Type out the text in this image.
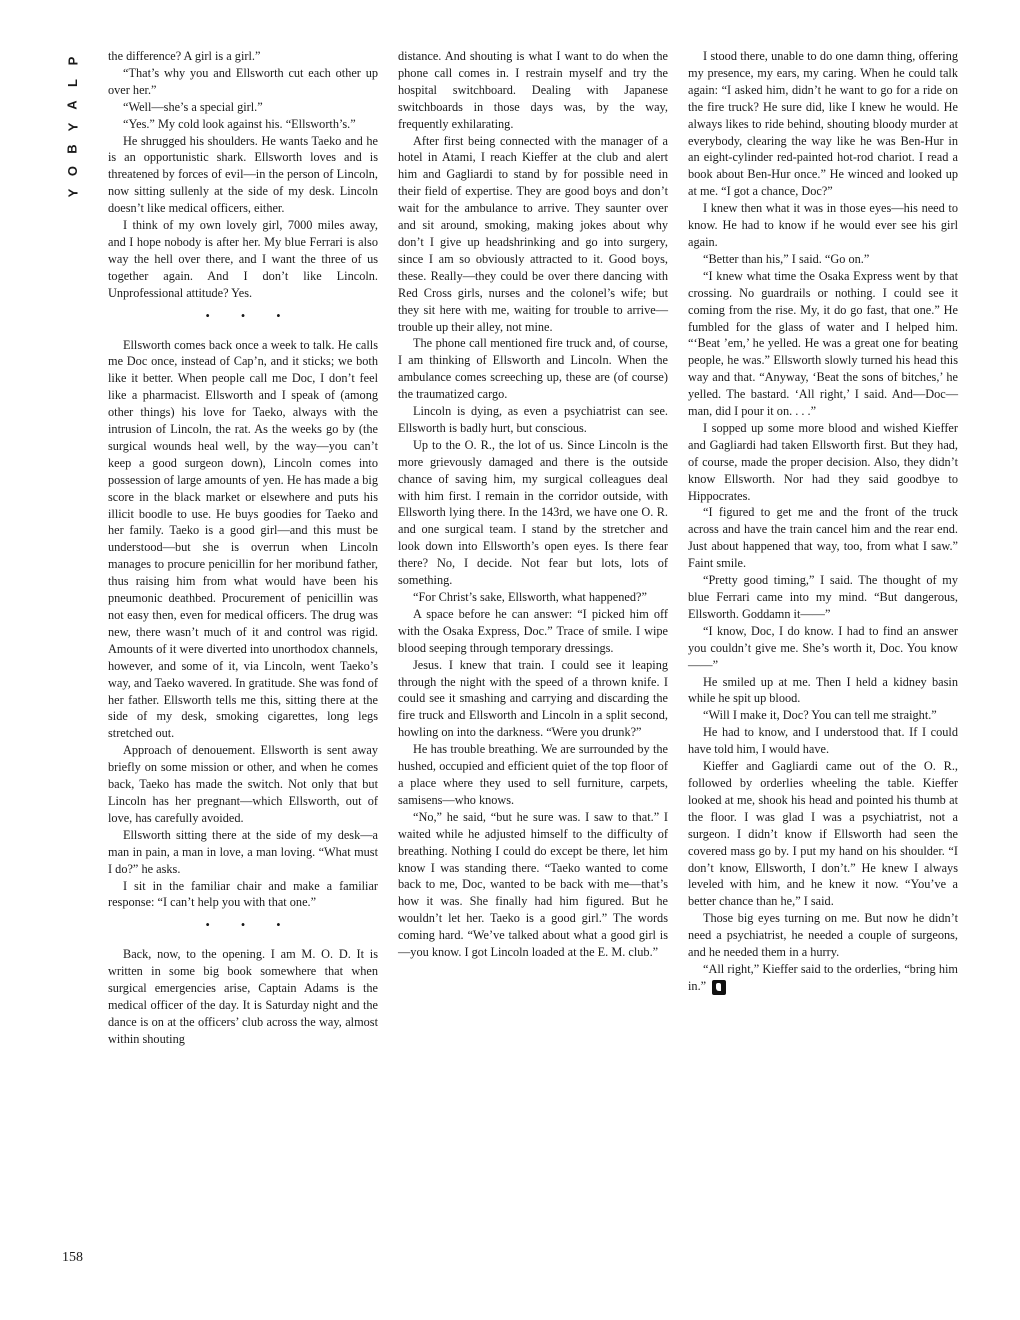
P
L
A
Y
B
O
Y
158

the difference? A girl is a girl.”

“That’s why you and Ellsworth cut each other up over her.”

“Well—she’s a special girl.”

“Yes.” My cold look against his. “Ellsworth’s.”

He shrugged his shoulders. He wants Taeko and he is an opportunistic shark. Ellsworth loves and is threatened by forces of evil—in the person of Lincoln, now sitting sullenly at the side of my desk. Lincoln doesn’t like medical officers, either.

I think of my own lovely girl, 7000 miles away, and I hope nobody is after her. My blue Ferrari is also way the hell over there, and I want the three of us together again. And I don’t like Lincoln. Unprofessional attitude? Yes.

• • •

Ellsworth comes back once a week to talk. He calls me Doc once, instead of Cap’n, and it sticks; we both like it better. When people call me Doc, I don’t feel like a pharmacist. Ellsworth and I speak of (among other things) his love for Taeko, always with the intrusion of Lincoln, the rat. As the weeks go by (the surgical wounds heal well, by the way—you can’t keep a good surgeon down), Lincoln comes into possession of large amounts of yen. He has made a big score in the black market or elsewhere and puts his illicit boodle to use. He buys goodies for Taeko and her family. Taeko is a good girl—and this must be understood—but she is overrun when Lincoln manages to procure penicillin for her moribund father, thus raising him from what would have been his pneumonic deathbed. Procurement of penicillin was not easy then, even for medical officers. The drug was new, there wasn’t much of it and control was rigid. Amounts of it were diverted into unorthodox channels, however, and some of it, via Lincoln, went Taeko’s way, and Taeko wavered. In gratitude. She was fond of her father. Ellsworth tells me this, sitting there at the side of my desk, smoking cigarettes, long legs stretched out.

Approach of denouement. Ellsworth is sent away briefly on some mission or other, and when he comes back, Taeko has made the switch. Not only that but Lincoln has her pregnant—which Ellsworth, out of love, has carefully avoided.

Ellsworth sitting there at the side of my desk—a man in pain, a man in love, a man loving. “What must I do?” he asks.

I sit in the familiar chair and make a familiar response: “I can’t help you with that one.”

• • •

Back, now, to the opening. I am M. O. D. It is written in some big book somewhere that when surgical emergencies arise, Captain Adams is the medical officer of the day. It is Saturday night and the dance is on at the officers’ club across the way, almost within shouting

distance. And shouting is what I want to do when the phone call comes in. I restrain myself and try the hospital switchboard. Dealing with Japanese switchboards in those days was, by the way, frequently exhilarating.

After first being connected with the manager of a hotel in Atami, I reach Kieffer at the club and alert him and Gagliardi to stand by for possible need in their field of expertise. They are good boys and don’t wait for the ambulance to arrive. They saunter over and sit around, smoking, making jokes about why don’t I give up headshrinking and go into surgery, since I am so obviously attracted to it. Good boys, these. Really—they could be over there dancing with Red Cross girls, nurses and the colonel’s wife; but they sit here with me, waiting for trouble to arrive—trouble up their alley, not mine.

The phone call mentioned fire truck and, of course, I am thinking of Ellsworth and Lincoln. When the ambulance comes screeching up, these are (of course) the traumatized cargo.

Lincoln is dying, as even a psychiatrist can see. Ellsworth is badly hurt, but conscious.

Up to the O. R., the lot of us. Since Lincoln is the more grievously damaged and there is the outside chance of saving him, my surgical colleagues deal with him first. I remain in the corridor outside, with Ellsworth lying there. In the 143rd, we have one O. R. and one surgical team. I stand by the stretcher and look down into Ellsworth’s open eyes. Is there fear there? No, I decide. Not fear but lots, lots of something.

“For Christ’s sake, Ellsworth, what happened?”

A space before he can answer: “I picked him off with the Osaka Express, Doc.” Trace of smile. I wipe blood seeping through temporary dressings.

Jesus. I knew that train. I could see it leaping through the night with the speed of a thrown knife. I could see it smashing and carrying and discarding the fire truck and Ellsworth and Lincoln in a split second, howling on into the darkness. “Were you drunk?”

He has trouble breathing. We are surrounded by the hushed, occupied and efficient quiet of the top floor of a place where they used to sell furniture, carpets, samisens—who knows.

“No,” he said, “but he sure was. I saw to that.” I waited while he adjusted himself to the difficulty of breathing. Nothing I could do except be there, let him know I was standing there. “Taeko wanted to come back to me, Doc, wanted to be back with me—that’s how it was. She finally had him figured. But he wouldn’t let her. Taeko is a good girl.” The words coming hard. “We’ve talked about what a good girl is—you know. I got Lincoln loaded at the E. M. club.”

I stood there, unable to do one damn thing, offering my presence, my ears, my caring. When he could talk again: “I asked him, didn’t he want to go for a ride on the fire truck? He sure did, like I knew he would. He always likes to ride behind, shouting bloody murder at everybody, clearing the way like he was Ben-Hur in an eight-cylinder red-painted hot-rod chariot. I read a book about Ben-Hur once.” He winced and looked up at me. “I got a chance, Doc?”

I knew then what it was in those eyes—his need to know. He had to know if he would ever see his girl again.

“Better than his,” I said. “Go on.”

“I knew what time the Osaka Express went by that crossing. No guardrails or nothing. I could see it coming from the rise. My, it do go fast, that one.” He fumbled for the glass of water and I helped him. “‘Beat ’em,’ he yelled. He was a great one for beating people, he was.” Ellsworth slowly turned his head this way and that. “Anyway, ‘Beat the sons of bitches,’ he yelled. The bastard. ‘All right,’ I said. And—Doc—man, did I pour it on. . . .”

I sopped up some more blood and wished Kieffer and Gagliardi had taken Ellsworth first. But they had, of course, made the proper decision. Also, they didn’t know Ellsworth. Nor had they said goodbye to Hippocrates.

“I figured to get me and the front of the truck across and have the train cancel him and the rear end. Just about happened that way, too, from what I saw.” Faint smile.

“Pretty good timing,” I said. The thought of my blue Ferrari came into my mind. “But dangerous, Ellsworth. Goddamn it——”

“I know, Doc, I do know. I had to find an answer you couldn’t give me. She’s worth it, Doc. You know——”

He smiled up at me. Then I held a kidney basin while he spit up blood.

“Will I make it, Doc? You can tell me straight.”

He had to know, and I understood that. If I could have told him, I would have.

Kieffer and Gagliardi came out of the O. R., followed by orderlies wheeling the table. Kieffer looked at me, shook his head and pointed his thumb at the floor. I was glad I was a psychiatrist, not a surgeon. I didn’t know if Ellsworth had seen the covered mass go by. I put my hand on his shoulder. “I don’t know, Ellsworth, I don’t.” He knew I always leveled with him, and he knew it now. “You’ve a better chance than he,” I said.

Those big eyes turning on me. But now he didn’t need a psychiatrist, he needed a couple of surgeons, and he needed them in a hurry.

“All right,” Kieffer said to the orderlies, “bring him in.”
